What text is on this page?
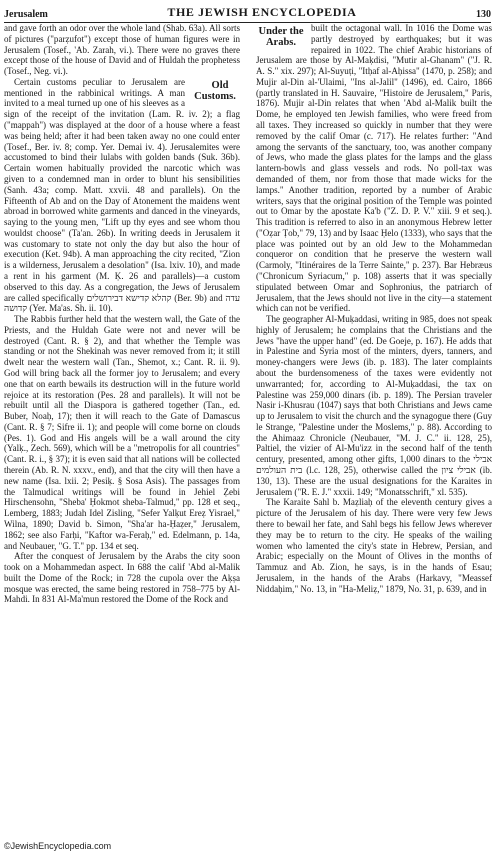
Jerusalem	THE JEWISH ENCYCLOPEDIA	130

and gave forth an odor over the whole land (Shab. 63a). All sorts of pictures ("parẓufot") except those of human figures were in Jerusalem (Tosef., 'Ab. Zarah, vi.). There were no graves there except those of the house of David and of Huldah the prophetess (Tosef., Neg. vi.).

Old Customs.
Certain customs peculiar to Jerusalem are mentioned in the rabbinical writings. A man invited to a meal turned up one of his sleeves as a sign of the receipt of the invitation (Lam. R. iv. 2); a flag ("mappah") was displayed at the door of a house where a feast was being held; after it had been taken away no one could enter (Tosef., Ber. iv. 8; comp. Yer. Demai iv. 4). Jerusalemites were accustomed to bind their lulabs with golden bands (Suk. 36b). Certain women habitually provided the narcotic which was given to a condemned man in order to blunt his sensibilities (Sanh. 43a; comp. Matt. xxvii. 48 and parallels). On the Fifteenth of Ab and on the Day of Atonement the maidens went abroad in borrowed white garments and danced in the vineyards, saying to the young men, "Lift up thy eyes and see whom thou wouldst choose" (Ta'an. 26b). In writing deeds in Jerusalem it was customary to state not only the day but also the hour of execution (Ket. 94b). A man approaching the city recited, "Zion is a wilderness, Jerusalem a desolation" (Isa. lxiv. 10), and made a rent in his garment (M. Ḳ. 26 and parallels)—a custom observed to this day. As a congregation, the Jews of Jerusalem are called specifically קהלא קדישא דבירושלים (Ber. 9b) and עדה קדושה (Yer. Ma'as. Sh. ii. 10).

The Rabbis further held that the western wall, the Gate of the Priests, and the Huldah Gate were not and never will be destroyed (Cant. R. § 2), and that whether the Temple was standing or not the Shekinah was never removed from it; it still dwelt near the western wall (Tan., Shemot, x.; Cant. R. ii. 9). God will bring back all the former joy to Jerusalem; and every one that on earth bewails its destruction will in the future world rejoice at its restoration (Pes. 28 and parallels). It will not be rebuilt until all the Diaspora is gathered together (Tan., ed. Buber, Noaḥ, 17); then it will reach to the Gate of Damascus (Cant. R. § 7; Sifre ii. 1); and people will come borne on clouds (Pes. 1). God and His angels will be a wall around the city (Yalḳ., Zech. 569), which will be a "metropolis for all countries" (Cant. R. i., § 37); it is even said that all nations will be collected therein (Ab. R. N. xxxv., end), and that the city will then have a new name (Isa. lxii. 2; Pesiḳ. § Sosa Asis). The passages from the Talmudical writings will be found in Jehiel Ẓebi Hirschensohn, "Sheba' Ḥokmot sheba-Talmud," pp. 128 et seq., Lemberg, 1883; Judah Idel Zisling, "Sefer Yalḳut Ereẓ Yisrael," Wilna, 1890; David b. Simon, "Sha'ar ha-Ḥaẓer," Jerusalem, 1862; see also Farḥi, "Kaftor wa-Feraḥ," ed. Edelmann, p. 14a, and Neubauer, "G. T." pp. 134 et seq.

After the conquest of Jerusalem by the Arabs the city soon took on a Mohammedan aspect. In 688 the calif 'Abd al-Malik built the Dome of the Rock; in 728 the cupola over the Aḳṣa mosque was erected, the same being restored in 758–775 by Al-Mahdi. In 831 Al-Ma'mun restored the Dome of the Rock and

Under the Arabs.
built the octagonal wall. In 1016 the Dome was partly destroyed by earthquakes; but it was repaired in 1022. The chief Arabic historians of Jerusalem are those by Al-Maḳdisi, "Mutir al-Ghanam" ("J. R. A. S." xix. 297); Al-Suyuṭi, "Itḥaf al-Aḥissa" (1470, p. 258); and Mujir al-Din al-'Ulaimi, "Ins al-Jalil" (1496), ed. Cairo, 1866 (partly translated in H. Sauvaire, "Histoire de Jerusalem," Paris, 1876). Mujir al-Din relates that when 'Abd al-Malik built the Dome, he employed ten Jewish families, who were freed from all taxes. They increased so quickly in number that they were removed by the calif Omar (c. 717). He relates further: "And among the servants of the sanctuary, too, was another company of Jews, who made the glass plates for the lamps and the glass lantern-bowls and glass vessels and rods. No poll-tax was demanded of them, nor from those that made wicks for the lamps." Another tradition, reported by a number of Arabic writers, says that the original position of the Temple was pointed out to Omar by the apostate Ka'b ("Z. D. P. V." xiii. 9 et seq.). This tradition is referred to also in an anonymous Hebrew letter ("Oẓar Ṭob," 79, 13) and by Isaac Ḥelo (1333), who says that the place was pointed out by an old Jew to the Mohammedan conqueror on condition that he preserve the western wall (Carmoly, "Itinéraires de la Terre Sainte," p. 237). Bar Hebræus ("Chronicum Syriacum," p. 108) asserts that it was specially stipulated between Omar and Sophronius, the patriarch of Jerusalem, that the Jews should not live in the city—a statement which can not be verified.

The geographer Al-Muḳaddasi, writing in 985, does not speak highly of Jerusalem; he complains that the Christians and the Jews "have the upper hand" (ed. De Goeje, p. 167). He adds that in Palestine and Syria most of the minters, dyers, tanners, and money-changers were Jews (ib. p. 183). The later complaints about the burdensomeness of the taxes were evidently not unwarranted; for, according to Al-Muḳaddasi, the tax on Palestine was 259,000 dinars (ib. p. 189). The Persian traveler Nasir i-Khusrau (1047) says that both Christians and Jews came up to Jerusalem to visit the church and the synagogue there (Guy le Strange, "Palestine under the Moslems," p. 88). According to the Ahimaaz Chronicle (Neubauer, "M. J. C." ii. 128, 25), Paltiel, the vizier of Al-Mu'izz in the second half of the tenth century, presented, among other gifts, 1,000 dinars to the אבילי בית העולמים (l.c. 128, 25), otherwise called the אבילי ציון (ib. 130, 13). These are the usual designations for the Karaites in Jerusalem ("R. E. J." xxxii. 149; "Monatsschrift," xl. 535).

The Karaite Sahl b. Maẓliaḥ of the eleventh century gives a picture of the Jerusalem of his day. There were very few Jews there to bewail her fate, and Sahl begs his fellow Jews wherever they may be to return to the city. He speaks of the wailing women who lamented the city's state in Hebrew, Persian, and Arabic; especially on the Mount of Olives in the months of Tammuz and Ab. Zion, he says, is in the hands of Esau; Jerusalem, in the hands of the Arabs (Harkavy, "Meassef Niddaḥim," No. 13, in "Ha-Meliẓ," 1879, No. 31, p. 639, and in

©JewishEncyclopedia.com
